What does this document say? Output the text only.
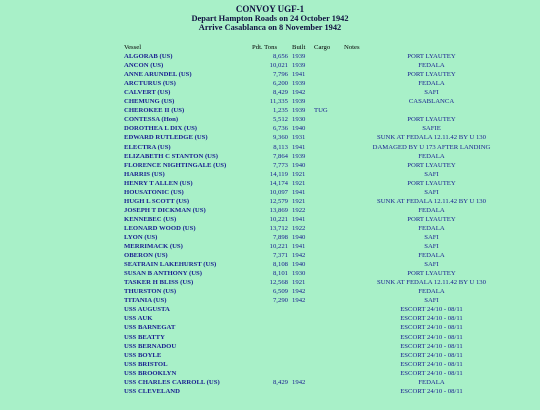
CONVOY UGF-1
Depart Hampton Roads on 24 October 1942
Arrive Casablanca on 8 November 1942
Vessel	Pdt. Tons	Built	Cargo	Notes
ALGORAB (US)	8,656	1939		PORT LYAUTEY
ANCON (US)	10,021	1939		FEDALA
ANNE ARUNDEL (US)	7,796	1941		PORT LYAUTEY
ARCTURUS (US)	6,200	1939		FEDALA
CALVERT (US)	8,429	1942		SAFI
CHEMUNG (US)	11,335	1939		CASABLANCA
CHEROKEE II (US)	1,235	1939	TUG	
CONTESSA (Hon)	5,512	1930		PORT LYAUTEY
DOROTHEA L DIX (US)	6,736	1940		SAFIE
EDWARD RUTLEDGE (US)	9,360	1931		SUNK AT FEDALA 12.11.42 BY U 130
ELECTRA (US)	8,113	1941		DAMAGED BY U 173 AFTER LANDING
ELIZABETH C STANTON (US)	7,864	1939		FEDALA
FLORENCE NIGHTINGALE (US)	7,773	1940		PORT LYAUTEY
HARRIS (US)	14,119	1921		SAFI
HENRY T ALLEN (US)	14,174	1921		PORT LYAUTEY
HOUSATONIC (US)	10,097	1941		SAFI
HUGH L SCOTT (US)	12,579	1921		SUNK AT FEDALA 12.11.42 BY U 130
JOSEPH T DICKMAN (US)	13,869	1922		FEDALA
KENNEBEC (US)	10,221	1941		PORT LYAUTEY
LEONARD WOOD (US)	13,712	1922		FEDALA
LYON (US)	7,898	1940		SAFI
MERRIMACK (US)	10,221	1941		SAFI
OBERON (US)	7,371	1942		FEDALA
SEATRAIN LAKEHURST (US)	8,108	1940		SAFI
SUSAN B ANTHONY (US)	8,101	1930		PORT LYAUTEY
TASKER H BLISS (US)	12,568	1921		SUNK AT FEDALA 12.11.42 BY U 130
THURSTON (US)	6,509	1942		FEDALA
TITANIA (US)	7,290	1942		SAFI
USS AUGUSTA				ESCORT 24/10 - 08/11
USS AUK				ESCORT 24/10 - 08/11
USS BARNEGAT				ESCORT 24/10 - 08/11
USS BEATTY				ESCORT 24/10 - 08/11
USS BERNADOU				ESCORT 24/10 - 08/11
USS BOYLE				ESCORT 24/10 - 08/11
USS BRISTOL				ESCORT 24/10 - 08/11
USS BROOKLYN				ESCORT 24/10 - 08/11
USS CHARLES CARROLL (US)	8,429	1942		FEDALA
USS CLEVELAND				ESCORT 24/10 - 08/11
